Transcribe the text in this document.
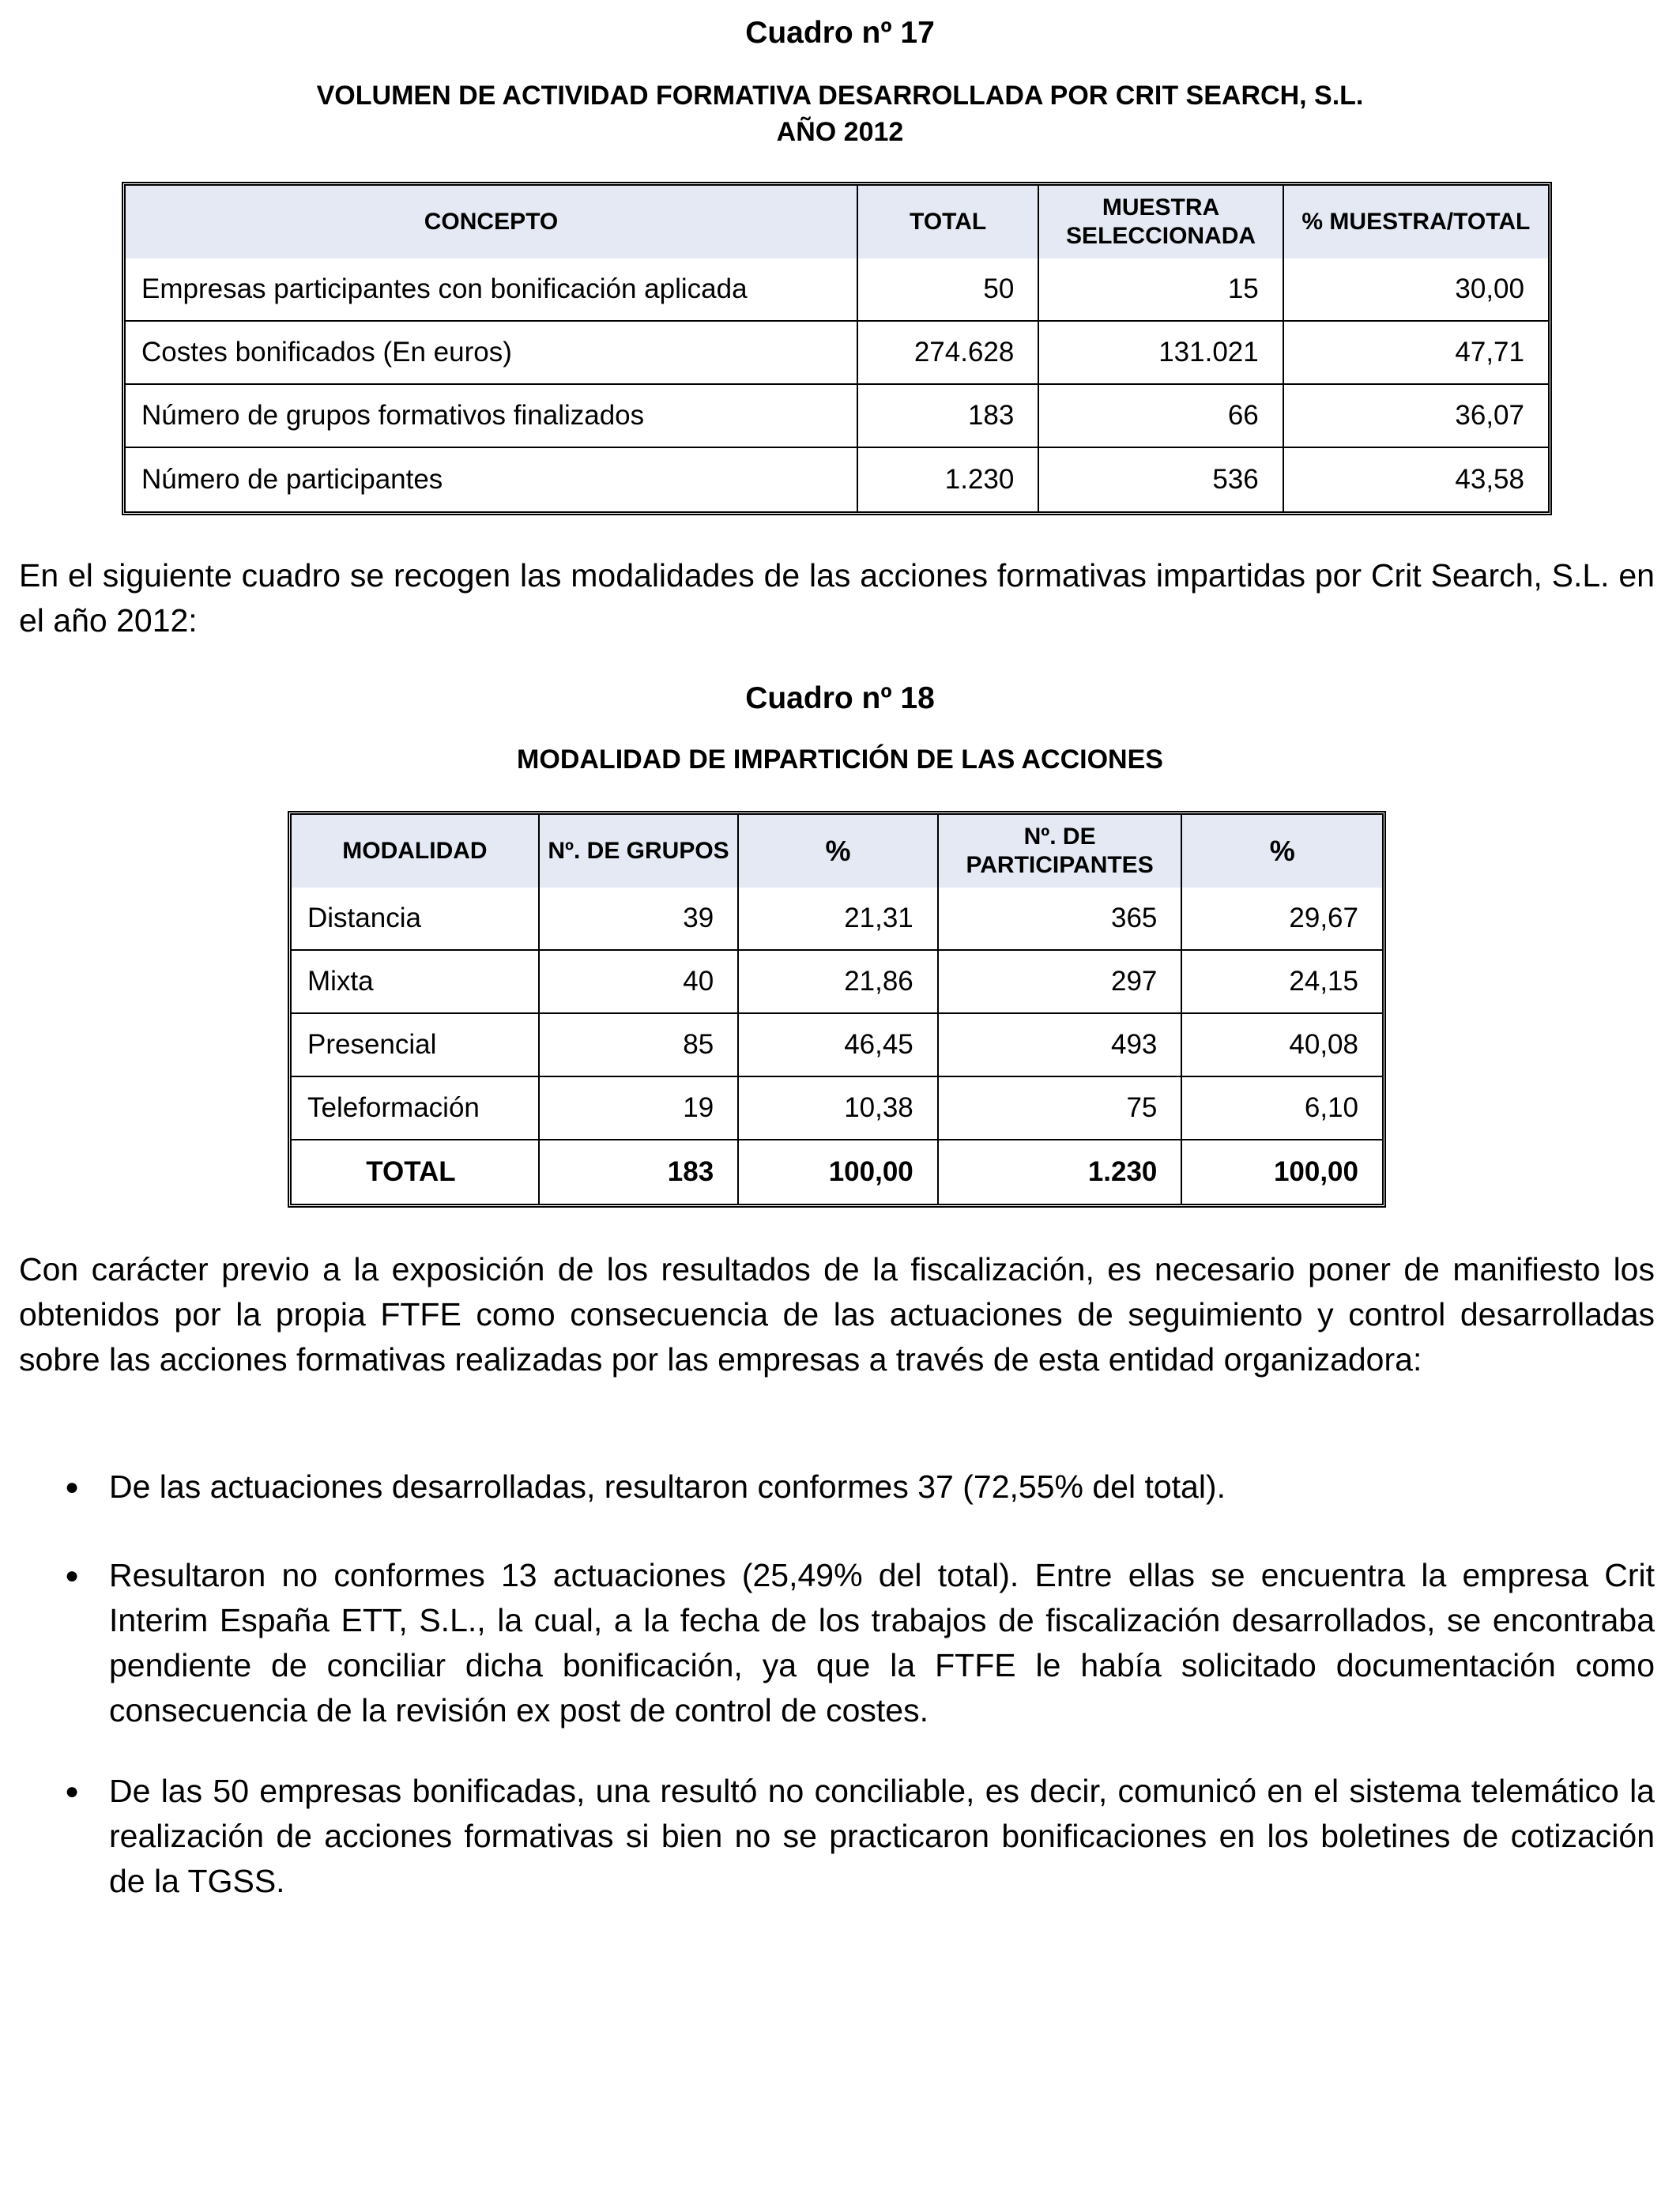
Cuadro nº 17
VOLUMEN DE ACTIVIDAD FORMATIVA DESARROLLADA POR CRIT SEARCH, S.L.
AÑO 2012
CONCEPTO	TOTAL	MUESTRA SELECCIONADA	% MUESTRA/TOTAL
Empresas participantes con bonificación aplicada	50	15	30,00
Costes bonificados (En euros)	274.628	131.021	47,71
Número de grupos formativos finalizados	183	66	36,07
Número de participantes	1.230	536	43,58
En el siguiente cuadro se recogen las modalidades de las acciones formativas impartidas por Crit Search, S.L. en el año 2012:
Cuadro nº 18
MODALIDAD DE IMPARTICIÓN DE LAS ACCIONES
MODALIDAD	Nº. DE GRUPOS	%	Nº. DE PARTICIPANTES	%
Distancia	39	21,31	365	29,67
Mixta	40	21,86	297	24,15
Presencial	85	46,45	493	40,08
Teleformación	19	10,38	75	6,10
TOTAL	183	100,00	1.230	100,00
Con carácter previo a la exposición de los resultados de la fiscalización, es necesario poner de manifiesto los obtenidos por la propia FTFE como consecuencia de las actuaciones de seguimiento y control desarrolladas sobre las acciones formativas realizadas por las empresas a través de esta entidad organizadora:
● De las actuaciones desarrolladas, resultaron conformes 37 (72,55% del total).
● Resultaron no conformes 13 actuaciones (25,49% del total). Entre ellas se encuentra la empresa Crit Interim España ETT, S.L., la cual, a la fecha de los trabajos de fiscalización desarrollados, se encontraba pendiente de conciliar dicha bonificación, ya que la FTFE le había solicitado documentación como consecuencia de la revisión ex post de control de costes.
● De las 50 empresas bonificadas, una resultó no conciliable, es decir, comunicó en el sistema telemático la realización de acciones formativas si bien no se practicaron bonificaciones en los boletines de cotización de la TGSS.
